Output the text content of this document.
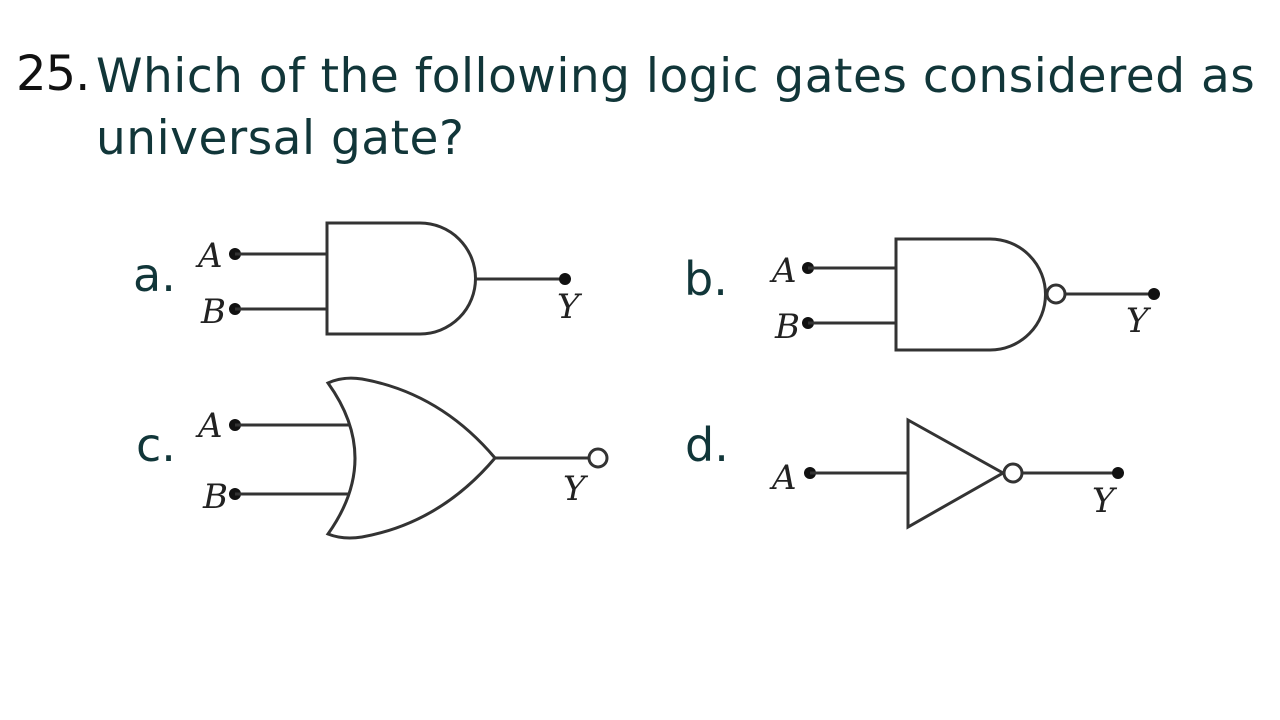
25. Which of the following logic gates considered as universal gate?
a.	b.
c.	d.
A
B	Y
A
B	Y
A
B	Y	A
Y
